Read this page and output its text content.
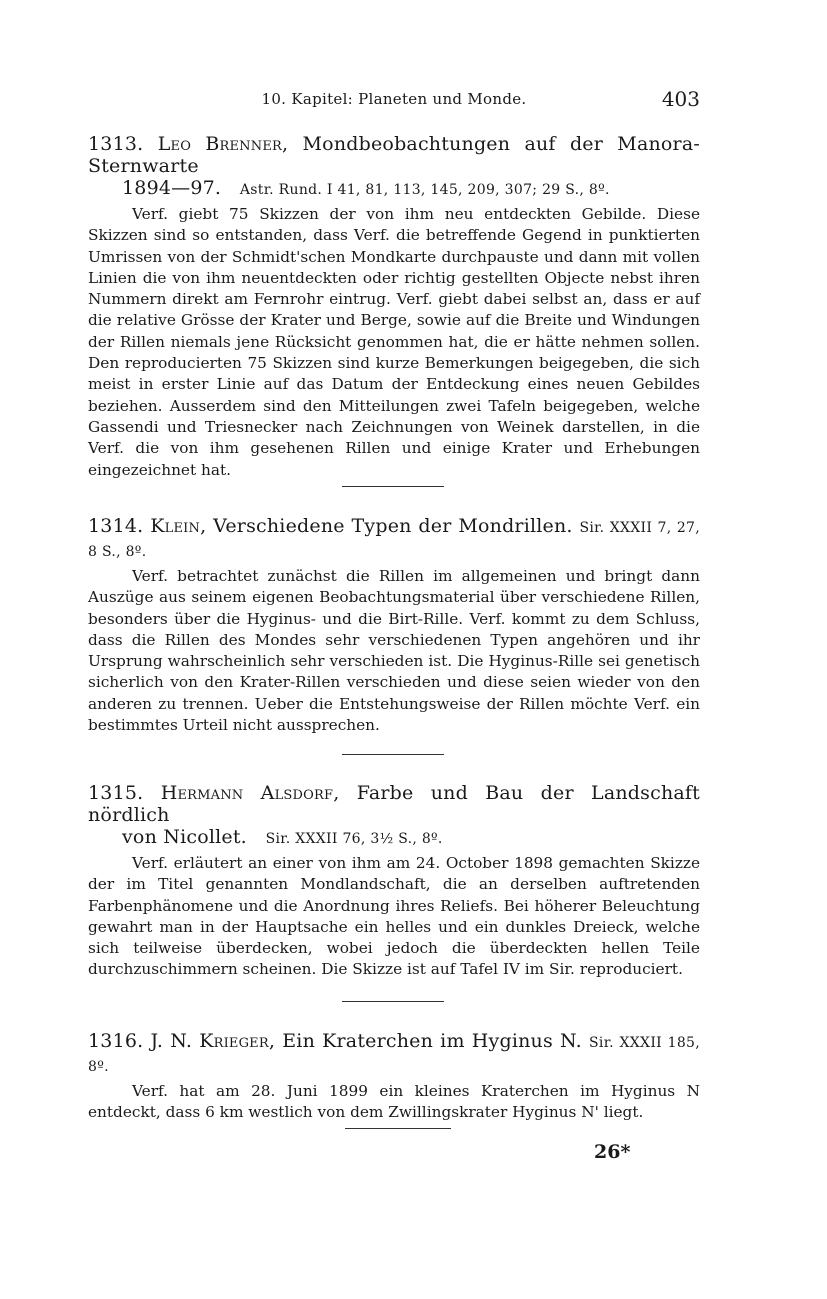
10. Kapitel: Planeten und Monde.	403
1313. Leo Brenner, Mondbeobachtungen auf der Manora-Sternwarte
1894—97. Astr. Rund. I 41, 81, 113, 145, 209, 307; 29 S., 8º.
Verf. giebt 75 Skizzen der von ihm neu entdeckten Gebilde. Diese Skizzen sind so entstanden, dass Verf. die betreffende Gegend in punktierten Umrissen von der Schmidt'schen Mondkarte durchpauste und dann mit vollen Linien die von ihm neuentdeckten oder richtig gestellten Objecte nebst ihren Nummern direkt am Fernrohr eintrug. Verf. giebt dabei selbst an, dass er auf die relative Grösse der Krater und Berge, sowie auf die Breite und Windungen der Rillen niemals jene Rücksicht genommen hat, die er hätte nehmen sollen. Den reproducierten 75 Skizzen sind kurze Bemerkungen beigegeben, die sich meist in erster Linie auf das Datum der Entdeckung eines neuen Gebildes beziehen. Ausserdem sind den Mitteilungen zwei Tafeln beigegeben, welche Gassendi und Triesnecker nach Zeichnungen von Weinek darstellen, in die Verf. die von ihm gesehenen Rillen und einige Krater und Erhebungen eingezeichnet hat.
1314. Klein, Verschiedene Typen der Mondrillen. Sir. XXXII 7, 27, 8 S., 8º.
Verf. betrachtet zunächst die Rillen im allgemeinen und bringt dann Auszüge aus seinem eigenen Beobachtungsmaterial über verschiedene Rillen, besonders über die Hyginus- und die Birt-Rille. Verf. kommt zu dem Schluss, dass die Rillen des Mondes sehr verschiedenen Typen angehören und ihr Ursprung wahrscheinlich sehr verschieden ist. Die Hyginus-Rille sei genetisch sicherlich von den Krater-Rillen verschieden und diese seien wieder von den anderen zu trennen. Ueber die Entstehungsweise der Rillen möchte Verf. ein bestimmtes Urteil nicht aussprechen.
1315. Hermann Alsdorf, Farbe und Bau der Landschaft nördlich
von Nicollet. Sir. XXXII 76, 3½ S., 8º.
Verf. erläutert an einer von ihm am 24. October 1898 gemachten Skizze der im Titel genannten Mondlandschaft, die an derselben auftretenden Farbenphänomene und die Anordnung ihres Reliefs. Bei höherer Beleuchtung gewahrt man in der Hauptsache ein helles und ein dunkles Dreieck, welche sich teilweise überdecken, wobei jedoch die überdeckten hellen Teile durchzuschimmern scheinen. Die Skizze ist auf Tafel IV im Sir. reproduciert.
1316. J. N. Krieger, Ein Kraterchen im Hyginus N. Sir. XXXII 185, 8º.
Verf. hat am 28. Juni 1899 ein kleines Kraterchen im Hyginus N entdeckt, dass 6 km westlich von dem Zwillingskrater Hyginus N' liegt.
26*
